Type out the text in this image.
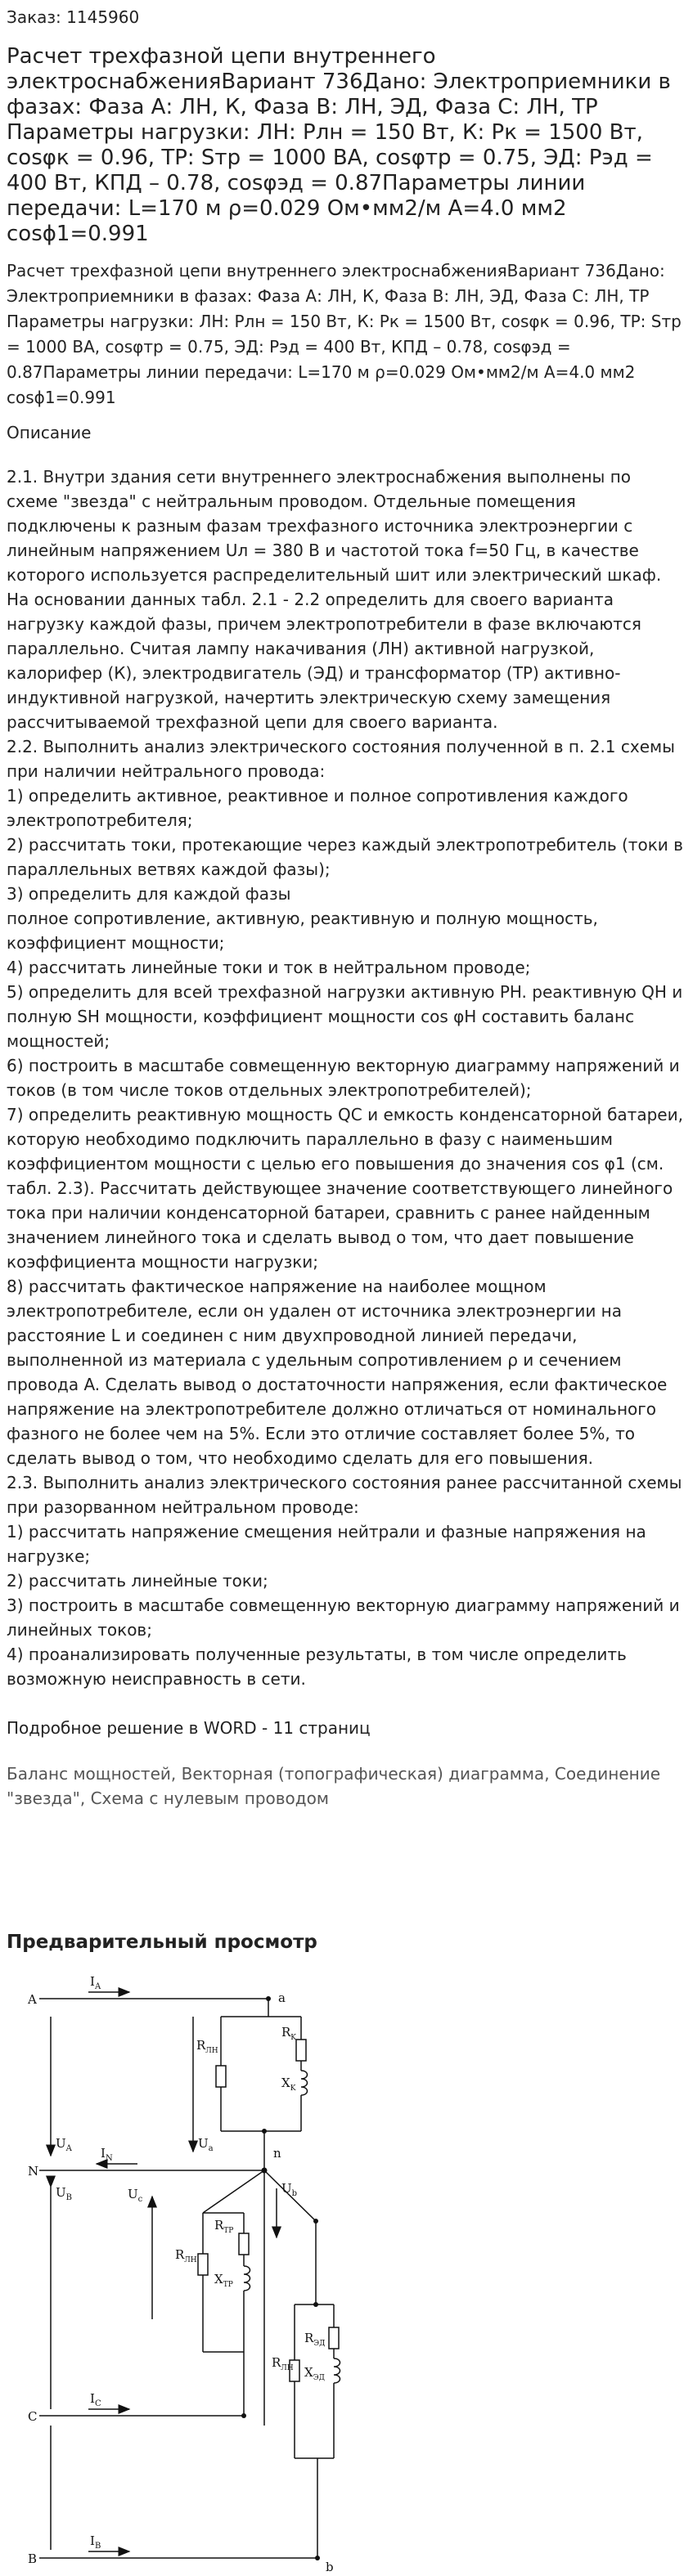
Заказ: 1145960
Расчет трехфазной цепи внутреннего электроснабженияВариант 736Дано: Электроприемники в фазах: Фаза А: ЛН, К, Фаза В: ЛН, ЭД, Фаза С: ЛН, ТР Параметры нагрузки: ЛН: Pлн = 150 Вт, К: Pк = 1500 Вт, cosφк = 0.96, ТР: Sтр = 1000 ВА, cosφтр = 0.75, ЭД: Pэд = 400 Вт, КПД – 0.78, cosφэд = 0.87Параметры линии передачи: L=170 м ρ=0.029 Ом•мм2/м A=4.0 мм2 cosϕ1=0.991
Расчет трехфазной цепи внутреннего электроснабженияВариант 736Дано: Электроприемники в фазах: Фаза А: ЛН, К, Фаза В: ЛН, ЭД, Фаза С: ЛН, ТР Параметры нагрузки: ЛН: Pлн = 150 Вт, К: Pк = 1500 Вт, cosφк = 0.96, ТР: Sтр = 1000 ВА, cosφтр = 0.75, ЭД: Pэд = 400 Вт, КПД – 0.78, cosφэд = 0.87Параметры линии передачи: L=170 м ρ=0.029 Ом•мм2/м A=4.0 мм2 cosϕ1=0.991
Описание
2.1. Внутри здания сети внутреннего электроснабжения выполнены по схеме "звезда" с нейтральным проводом. Отдельные помещения подключены к разным фазам трехфазного источника электроэнергии с линейным напряжением Uл = 380 В и частотой тока f=50 Гц, в качестве которого используется распределительный шит или электрический шкаф. На основании данных табл. 2.1 - 2.2 определить для своего варианта нагрузку каждой фазы, причем электропотребители в фазе включаются параллельно. Считая лампу накачивания (ЛН) активной нагрузкой, калорифер (К), электродвигатель (ЭД) и трансформатор (ТР) активно-индуктивной нагрузкой, начертить электрическую схему замещения рассчитываемой трехфазной цепи для своего варианта.
2.2. Выполнить анализ электрического состояния полученной в п. 2.1 схемы при наличии нейтрального провода:
1) определить активное, реактивное и полное сопротивления каждого электропотребителя;
2) рассчитать токи, протекающие через каждый электропотребитель (токи в параллельных ветвях каждой фазы);
3) определить для каждой фазы
полное сопротивление, активную, реактивную и полную мощность, коэффициент мощности;
4) рассчитать линейные токи и ток в нейтральном проводе;
5) определить для всей трехфазной нагрузки активную PH. реактивную QH и полную SH мощности, коэффициент мощности cos φH составить баланс мощностей;
6) построить в масштабе совмещенную векторную диаграмму напряжений и токов (в том числе токов отдельных электропотребителей);
7) определить реактивную мощность QC и емкость конденсаторной батареи, которую необходимо подключить параллельно в фазу с наименьшим коэффициентом мощности с целью его повышения до значения cos φ1 (см. табл. 2.3). Рассчитать действующее значение соответствующего линейного тока при наличии конденсаторной батареи, сравнить с ранее найденным значением линейного тока и сделать вывод о том, что дает повышение коэффициента мощности нагрузки;
8) рассчитать фактическое напряжение на наиболее мощном электропотребителе, если он удален от источника электроэнергии на расстояние L и соединен с ним двухпроводной линией передачи, выполненной из материала с удельным сопротивлением ρ и сечением провода A. Сделать вывод о достаточности напряжения, если фактическое напряжение на электропотребителе должно отличаться от номинального фазного не более чем на 5%. Если это отличие составляет более 5%, то сделать вывод о том, что необходимо сделать для его повышения.
2.3. Выполнить анализ электрического состояния ранее рассчитанной схемы при разорванном нейтральном проводе:
1) рассчитать напряжение смещения нейтрали и фазные напряжения на нагрузке;
2) рассчитать линейные токи;
3) построить в масштабе совмещенную векторную диаграмму напряжений и линейных токов;
4) проанализировать полученные результаты, в том числе определить возможную неисправность в сети.
Подробное решение в WORD - 11 страниц
Баланс мощностей, Векторная (топографическая) диаграмма, Соединение "звезда", Схема с нулевым проводом
Предварительный просмотр
A
N
C
B
a
n
b
$I_A$
$I_N$
$I_C$
$I_B$
$U_A$	$U_a$
$U_B$	$U_c$
$U_b$
$R_{ЛН}$
$R_K$
$X_K$
$R_{ЛН}$
$R_{ТР}$
$X_{ТР}$
$R_{ЛН}$
$R_{ЭД}$
$X_{ЭД}$
